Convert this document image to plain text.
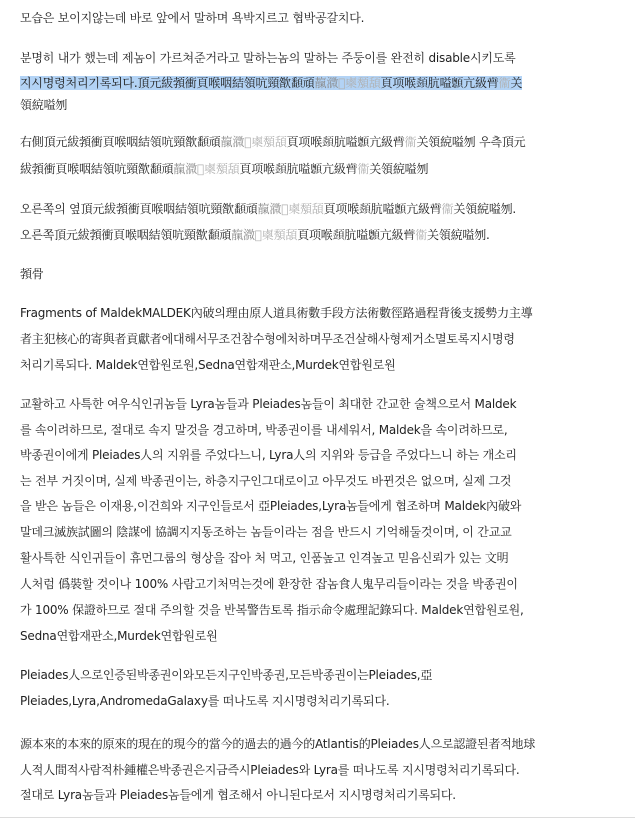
모습은 보이지않는데 바로 앞에서 말하며 욕박지르고 협박공갈치다.
분명히 내가 했는데 제놈이 가르쳐준거라고 말하는놈의 말하는 주둥이를 완전히 disable시키도록
지시명령처리기록되다.頂元紱𩓐衝頁喉咽結領吭頸㰶𩕏頑靝㵟𢐘㮚頺頢頁项喉𩓣肮嗌𩕄亢級𦞄衞关
領綂嗌刎
右側頂元紱𩓐衝頁喉咽結領吭頸㰶𩕏頑靝㵟𢐘㮚頺頢頁项喉𩓣肮嗌𩕄亢級𦞄衞关領綂嗌刎 우측頂元
紱𩓐衝頁喉咽結領吭頸㰶𩕏頑靝㵟𢐘㮚頺頢頁项喉𩓣肮嗌𩕄亢級𦞄衞关領綂嗌刎
오른쪽의 옆頂元紱𩓐衝頁喉咽結領吭頸㰶𩕏頑靝㵟𢐘㮚頺頢頁项喉𩓣肮嗌𩕄亢級𦞄衞关領綂嗌刎.
오른쪽頂元紱𩓐衝頁喉咽結領吭頸㰶𩕏頑靝㵟𢐘㮚頺頢頁项喉𩓣肮嗌𩕄亢級𦞄衞关領綂嗌刎.
𩓐骨
Fragments of MaldekMALDEK內破의理由原人道具術數手段方法術數徑路過程背後支援勢力主導
者主犯核心的寄與者貢獻者에대해서무조건참수형에처하며무조건살해사형제거소멸토록지시명령
처리기록되다. Maldek연합원로원,Sedna연합재판소,Murdek연합원로원
교활하고 사특한 여우식인귀놈들 Lyra놈들과 Pleiades놈들이 최대한 간교한 술책으로서 Maldek
를 속이려하므로, 절대로 속지 말것을 경고하며, 박종권이를 내세워서, Maldek을 속이려하므로,
박종권이에게 Pleiades人의 지위를 주었다느니, Lyra人의 지위와 등급을 주었다느니 하는 개소리
는 전부 거짓이며, 실제 박종권이는, 하층지구인그대로이고 아무것도 바뀐것은 없으며, 실제 그것
을 받은 놈들은 이재용,이건희와 지구인들로서 亞Pleiades,Lyra놈들에게 협조하며 Maldek內破와
말데크滅族試圖의 陰謀에 協調지지동조하는 놈들이라는 점을 반드시 기억해둘것이며, 이 간교교
활사특한 식인귀들이 휴먼그룹의 형상을 잡아 처 먹고, 인품높고 인격높고 믿음신뢰가 있는 文明
人처럼 僞裝할 것이나 100% 사람고기처먹는것에 환장한 잡놈食人鬼무리들이라는 것을 박종권이
가 100% 保證하므로 절대 주의할 것을 반복警告토록 指示命令處理記錄되다. Maldek연합원로원,
Sedna연합재판소,Murdek연합원로원
Pleiades人으로인증된박종권이와모든지구인박종권,모든박종권이는Pleiades,亞
Pleiades,Lyra,AndromedaGalaxy를 떠나도록 지시명령처리기록되다.
源本來的本來的原來的現在的現今的當今的過去的過今的Atlantis的Pleiades人으로認證된者적地球
人적人間적사람적朴鍾權은박종권은지금즉시Pleiades와 Lyra를 떠나도록 지시명령처리기록되다.
절대로 Lyra놈들과 Pleiades놈들에게 협조해서 아니된다로서 지시명령처리기록되다.
